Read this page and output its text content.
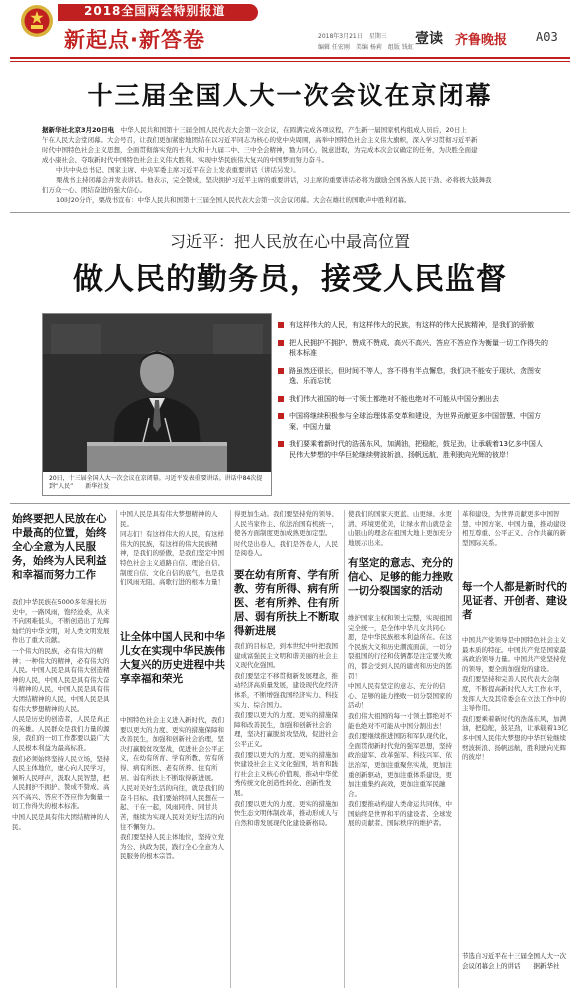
2018全国两会特别报道
新起点·新答卷	2018年3月21日　星期三
编辑 任宏刚　美编 杨莉　组版 钱虹
壹读 齐鲁晚报 A03
十三届全国人大一次会议在京闭幕
据新华社北京3月20日电　 中华人民共和国第十三届全国人民代表大会第一次会议，在圆满完成各项议程，产生新一届国家机构组成人员后，20日上
午在人民大会堂闭幕。大会号召，让我们更加紧密地团结在以习近平同志为核心的党中央周围，高举中国特色社会主义伟大旗帜，深入学习贯彻习近平新
时代中国特色社会主义思想，全面贯彻落实党的十九大和十九届二中、三中全会精神，勠力同心，锐意进取，为完成本次会议确定的任务，为决胜全面建
成小康社会、夺取新时代中国特色社会主义伟大胜利、实现中华民族伟大复兴的中国梦而努力奋斗。
中共中央总书记、国家主席、中央军委主席习近平在会上发表重要讲话（讲话另发）。
栗战书主持闭幕会并发表讲话。他表示，完全赞成，坚决拥护习近平主席的重要讲话，习主席的重要讲话必将为激励全国各族人民干劲、必将极大鼓舞我
们万众一心、团结奋进的强大信心。
10时20分许，栗战书宣布：中华人民共和国第十三届全国人民代表大会第一次会议闭幕。大会在雄壮的国歌声中胜利闭幕。
习近平：把人民放在心中最高位置
做人民的勤务员，接受人民监督
20日，十三届全国人大一次会议在京闭幕。习近平发表重要讲话。讲话中84次提到“人民”　　新华社发
有这样伟大的人民，有这样伟大的民族，有这样的伟大民族精神，是我们的骄傲
把人民拥护不拥护、赞成不赞成、高兴不高兴、答应不答应作为衡量一切工作得失的根本标准
路虽然还很长，但时间不等人，容不得有半点懈怠，我们决不能安于现状、贪图安逸、乐而忘忧
我们伟大祖国的每一寸领土都绝对不能也绝对不可能从中国分割出去
中国将继续积极参与全球治理体系变革和建设，为世界贡献更多中国智慧、中国方案、中国力量
我们要乘着新时代的浩荡东风，加满油，把稳舵，鼓足劲，让承载着13亿多中国人民伟大梦想的中华巨轮继续劈波斩浪、扬帆远航，胜利驶向光辉的彼岸！
始终要把人民放在心中最高的位置，始终全心全意为人民服务，始终为人民利益和幸福而努力工作

我们中华民族在5000多年漫长历史中，一路风雨，饱经沧桑，从来不向困难低头，不断创造出了光辉灿烂的中华文明，对人类文明发展作出了重大贡献。

一个伟大的民族，必有伟大的精神；一种伟大的精神，必有伟大的人民。中国人民是具有伟大创造精神的人民，中国人民是具有伟大奋斗精神的人民，中国人民是具有伟大团结精神的人民，中国人民是具有伟大梦想精神的人民。

人民是历史的创造者，人民是真正的英雄。人民群众是我们力量的源泉，我们的一切工作都要以最广大人民根本利益为最高标准。

我们必须始终坚持人民立场，坚持人民主体地位，虚心向人民学习，倾听人民呼声，汲取人民智慧，把人民拥护不拥护、赞成不赞成、高兴不高兴、答应不答应作为衡量一切工作得失的根本标准。

中国人民是具有伟大团结精神的人民。

中国人民是具有伟大梦想精神的人民。

同志们！有这样伟大的人民，有这样伟大的民族，有这样的伟大民族精神，是我们的骄傲，是我们坚定中国特色社会主义道路自信、理论自信、制度自信、文化自信的底气，也是我们风雨无阻、高歌行进的根本力量！

让全体中国人民和中华儿女在实现中华民族伟大复兴的历史进程中共享幸福和荣光

中国特色社会主义进入新时代，我们要以更大的力度、更实的措施保障和改善民生，加强和创新社会治理，坚决打赢脱贫攻坚战，促进社会公平正义，在幼有所育、学有所教、劳有所得、病有所医、老有所养、住有所居、弱有所扶上不断取得新进展。

人民对美好生活的向往，就是我们的奋斗目标。我们要始终同人民想在一起、干在一起，风雨同舟、同甘共苦，继续为实现人民对美好生活的向往不懈努力。

我们要坚持人民主体地位，坚持立党为公、执政为民，践行全心全意为人民服务的根本宗旨。

得更加生动。我们要坚持党的领导、人民当家作主、依法治国有机统一，使各方面制度更加成熟更加定型。

时代是出卷人，我们是答卷人，人民是阅卷人。

要在幼有所育、学有所教、劳有所得、病有所医、老有所养、住有所居、弱有所扶上不断取得新进展

我们的目标是，到本世纪中叶把我国建成富强民主文明和谐美丽的社会主义现代化强国。

我们要坚定不移贯彻新发展理念，推动经济高质量发展，建设现代化经济体系，不断增强我国经济实力、科技实力、综合国力。

我们要以更大的力度、更实的措施保障和改善民生，加强和创新社会治理，坚决打赢脱贫攻坚战，促进社会公平正义。

我们要以更大的力度、更实的措施加快建设社会主义文化强国，培育和践行社会主义核心价值观，推动中华优秀传统文化创造性转化、创新性发展。

我们要以更大的力度、更实的措施加快生态文明体制改革，推动形成人与自然和谐发展现代化建设新格局。

使我们的国家天更蓝、山更绿、水更清、环境更优美，让绿水青山就是金山银山的理念在祖国大地上更加充分地展示出来。

有坚定的意志、充分的信心、足够的能力挫败一切分裂国家的活动

维护国家主权和领土完整，实现祖国完全统一，是全体中华儿女共同心愿，是中华民族根本利益所在。在这个民族大义和历史潮流面前，一切分裂祖国的行径和伎俩都是注定要失败的，都会受到人民的谴责和历史的惩罚！

中国人民有坚定的意志、充分的信心、足够的能力挫败一切分裂国家的活动！

我们伟大祖国的每一寸领土都绝对不能也绝对不可能从中国分割出去！

我们要继续推进国防和军队现代化，全面贯彻新时代党的强军思想，坚持政治建军、改革强军、科技兴军、依法治军，更加注重聚焦实战，更加注重创新驱动，更加注重体系建设，更加注重集约高效，更加注重军民融合。

我们要推动构建人类命运共同体，中国始终是世界和平的建设者、全球发展的贡献者、国际秩序的维护者。

革和建设，为世界贡献更多中国智慧、中国方案、中国力量，推动建设相互尊重、公平正义、合作共赢的新型国际关系。

每一个人都是新时代的见证者、开创者、建设者

中国共产党领导是中国特色社会主义最本质的特征。中国共产党是国家最高政治领导力量。中国共产党坚持党的领导，要全面加强党的建设。

我们要坚持和完善人民代表大会制度，不断提高新时代人大工作水平，发挥人大及其常委会在立法工作中的主导作用。

我们要乘着新时代的浩荡东风，加满油，把稳舵，鼓足劲，让承载着13亿多中国人民伟大梦想的中华巨轮继续劈波斩浪、扬帆远航，胜利驶向光辉的彼岸！

节选自习近平在十三届全国人大一次会议闭幕会上的讲话　　据新华社
